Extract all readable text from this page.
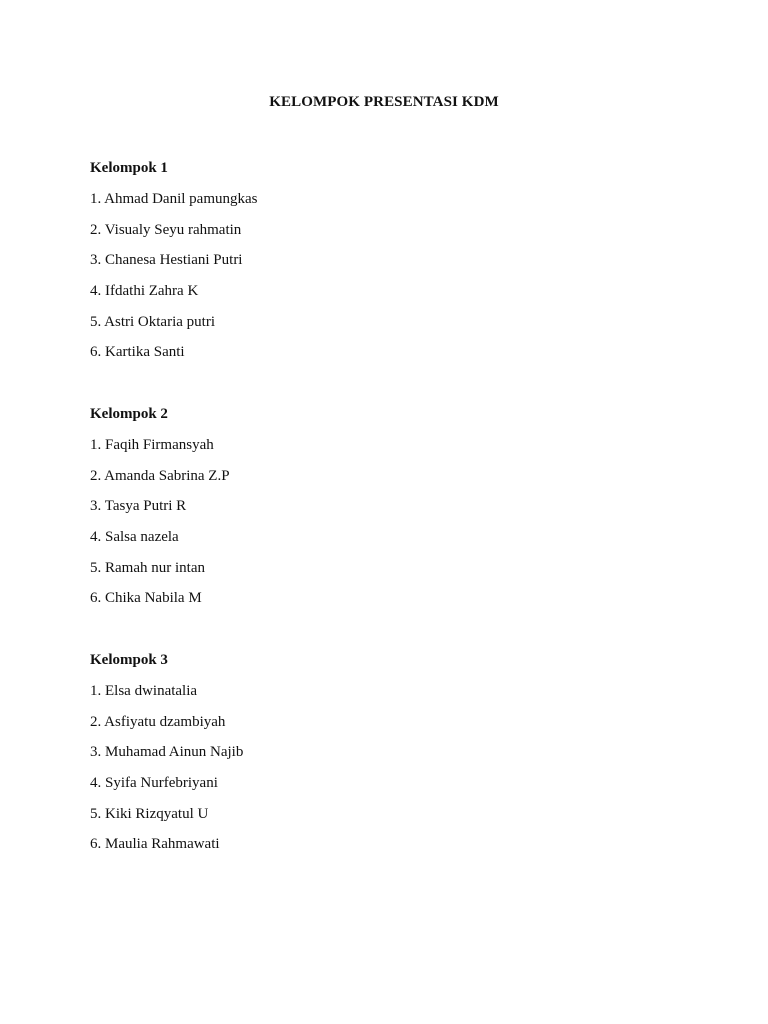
KELOMPOK PRESENTASI KDM
Kelompok 1
1. Ahmad Danil pamungkas
2. Visualy Seyu rahmatin
3. Chanesa Hestiani Putri
4. Ifdathi Zahra K
5. Astri Oktaria putri
6. Kartika Santi
Kelompok 2
1. Faqih Firmansyah
2. Amanda Sabrina Z.P
3. Tasya Putri R
4. Salsa nazela
5. Ramah nur intan
6. Chika Nabila M
Kelompok 3
1. Elsa dwinatalia
2. Asfiyatu dzambiyah
3. Muhamad Ainun Najib
4. Syifa Nurfebriyani
5. Kiki Rizqyatul U
6. Maulia Rahmawati
